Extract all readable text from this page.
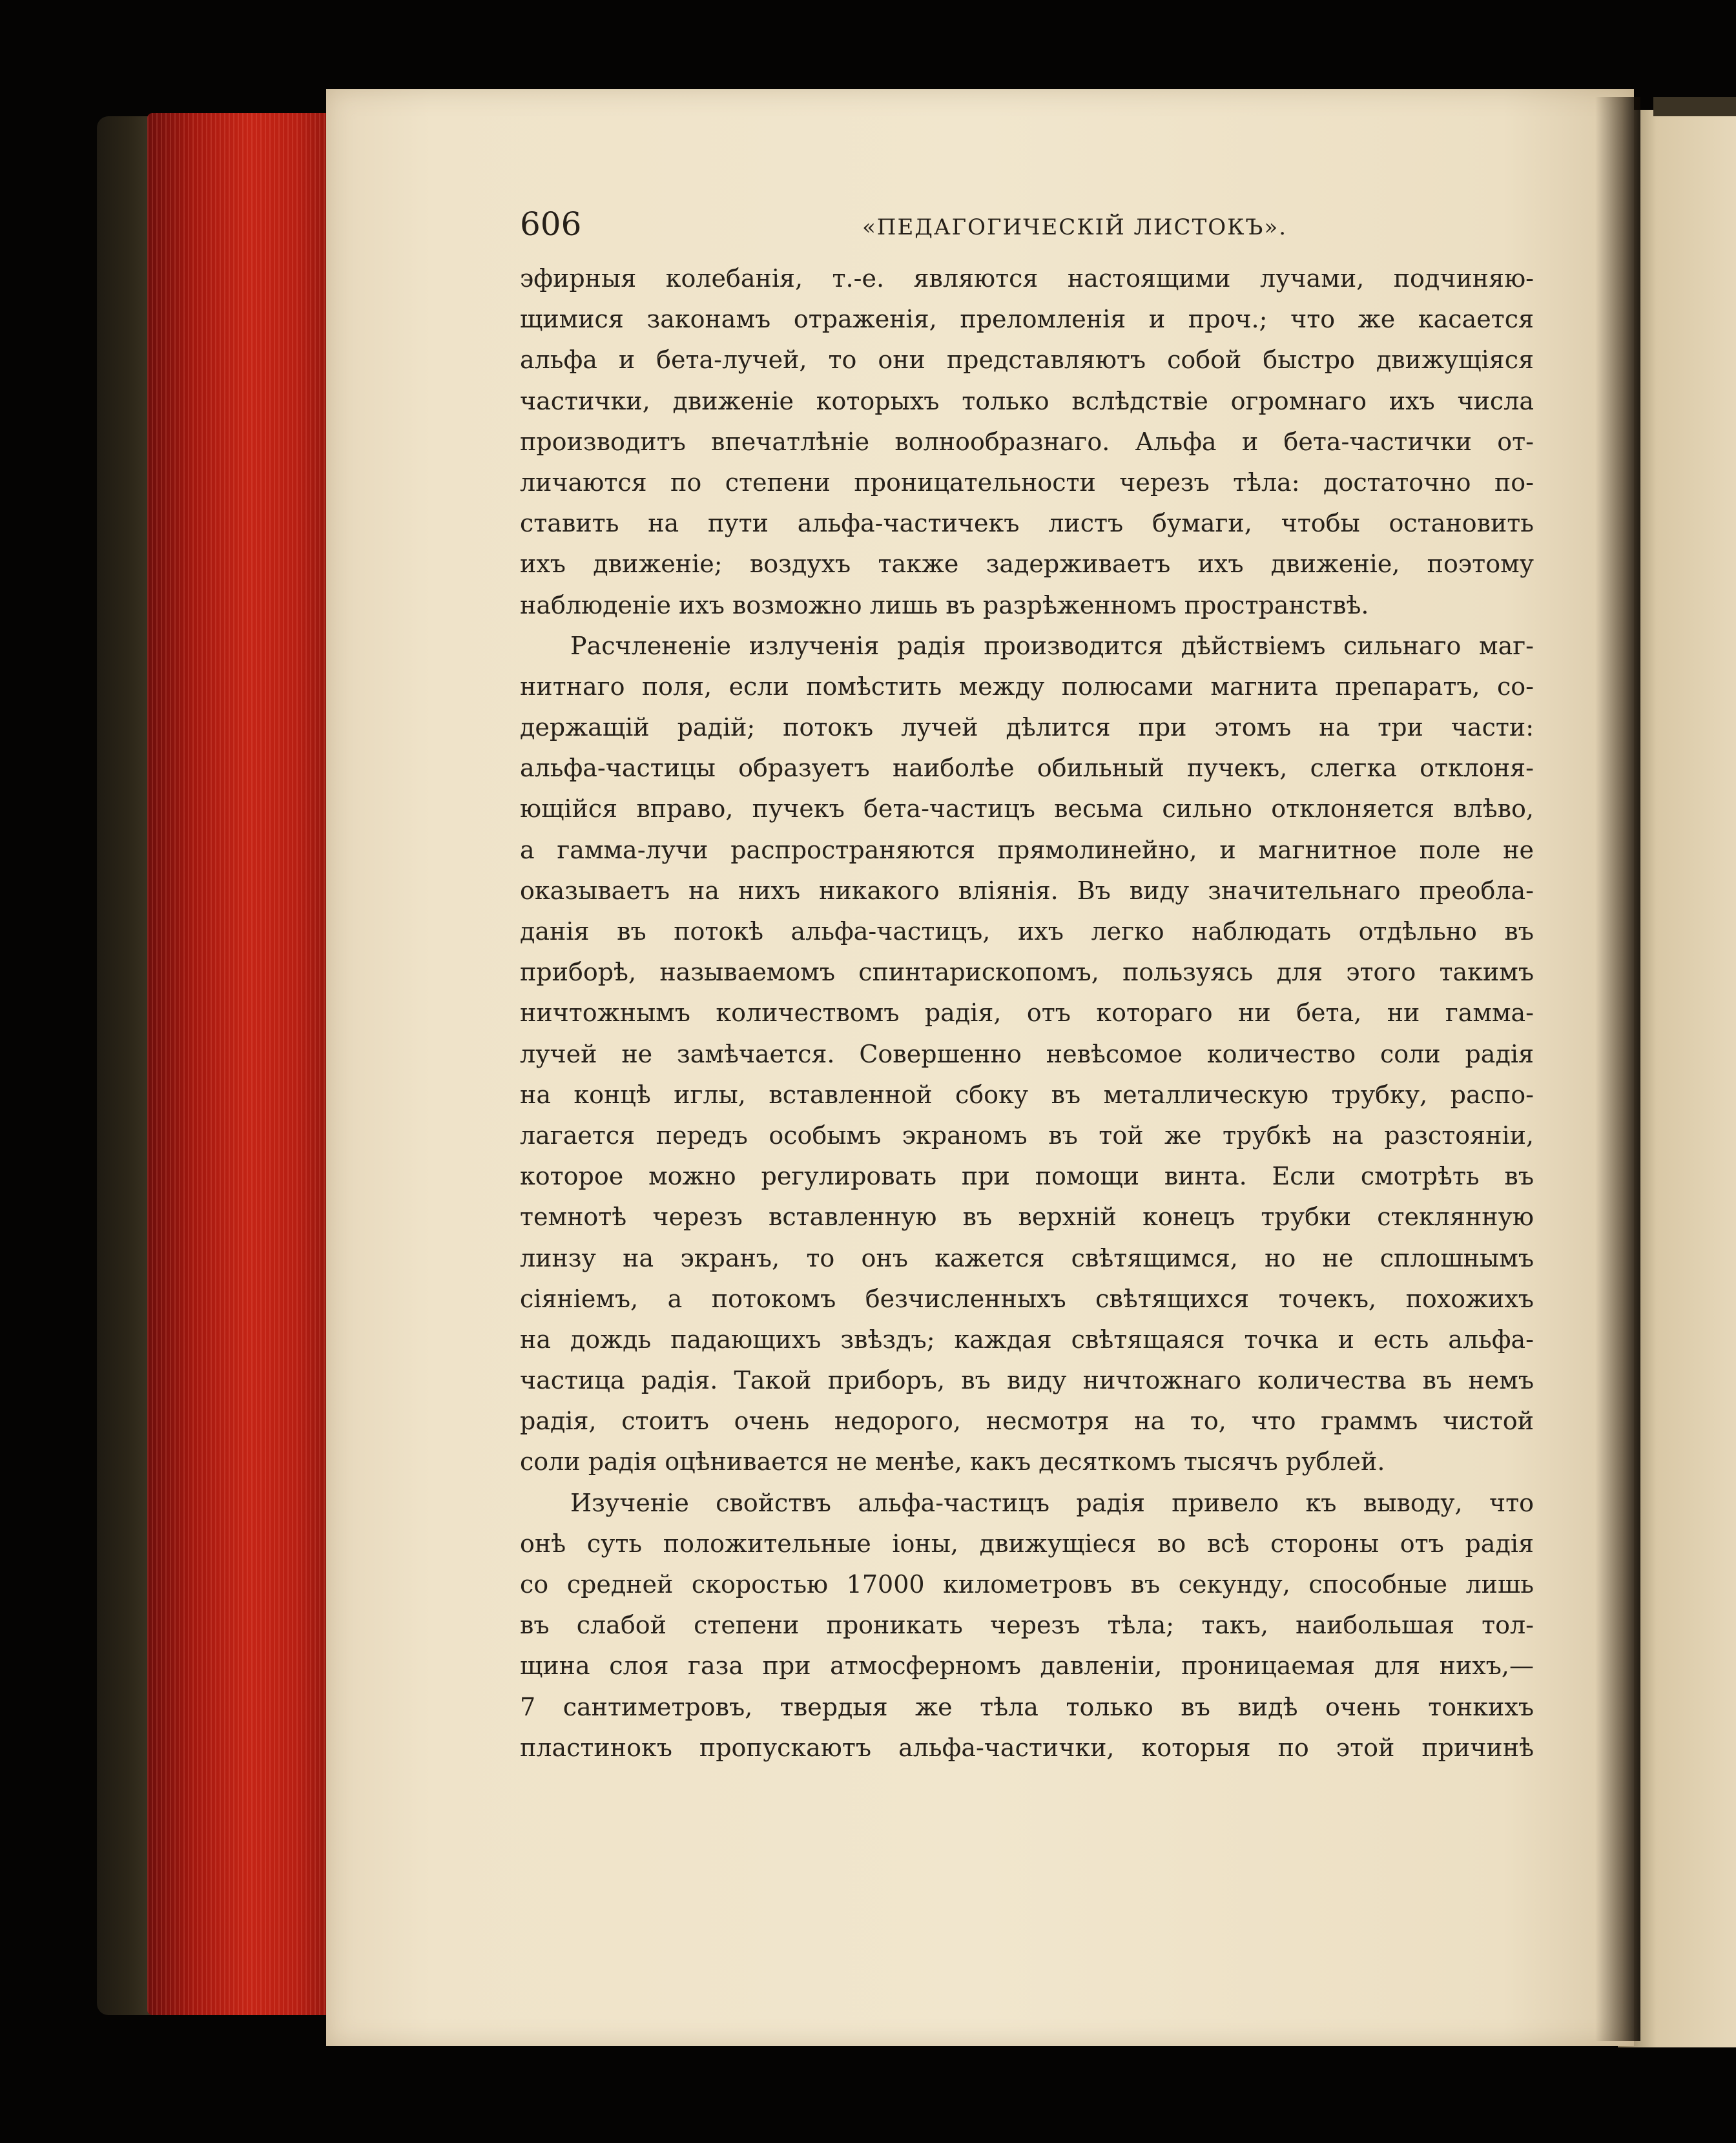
606	«ПЕДАГОГИЧЕСКІЙ ЛИСТОКЪ».
эфирныя колебанія, т.-е. являются настоящими лучами, подчиняю-
щимися законамъ отраженія, преломленія и проч.; что же касается
альфа и бета-лучей, то они представляютъ собой быстро движущіяся
частички, движеніе которыхъ только вслѣдствіе огромнаго ихъ числа
производитъ впечатлѣніе волнообразнаго. Альфа и бета-частички от-
личаются по степени проницательности черезъ тѣла: достаточно по-
ставить на пути альфа-частичекъ листъ бумаги, чтобы остановить
ихъ движеніе; воздухъ также задерживаетъ ихъ движеніе, поэтому
наблюденіе ихъ возможно лишь въ разрѣженномъ пространствѣ.
Расчлененіе излученія радія производится дѣйствіемъ сильнаго маг-
нитнаго поля, если помѣстить между полюсами магнита препаратъ, со-
держащій радій; потокъ лучей дѣлится при этомъ на три части:
альфа-частицы образуетъ наиболѣе обильный пучекъ, слегка отклоня-
ющійся вправо, пучекъ бета-частицъ весьма сильно отклоняется влѣво,
а гамма-лучи распространяются прямолинейно, и магнитное поле не
оказываетъ на нихъ никакого вліянія. Въ виду значительнаго преобла-
данія въ потокѣ альфа-частицъ, ихъ легко наблюдать отдѣльно въ
приборѣ, называемомъ спинтарископомъ, пользуясь для этого такимъ
ничтожнымъ количествомъ радія, отъ котораго ни бета, ни гамма-
лучей не замѣчается. Совершенно невѣсомое количество соли радія
на концѣ иглы, вставленной сбоку въ металлическую трубку, распо-
лагается передъ особымъ экраномъ въ той же трубкѣ на разстояніи,
которое можно регулировать при помощи винта. Если смотрѣть въ
темнотѣ черезъ вставленную въ верхній конецъ трубки стеклянную
линзу на экранъ, то онъ кажется свѣтящимся, но не сплошнымъ
сіяніемъ, а потокомъ безчисленныхъ свѣтящихся точекъ, похожихъ
на дождь падающихъ звѣздъ; каждая свѣтящаяся точка и есть альфа-
частица радія. Такой приборъ, въ виду ничтожнаго количества въ немъ
радія, стоитъ очень недорого, несмотря на то, что граммъ чистой
соли радія оцѣнивается не менѣе, какъ десяткомъ тысячъ рублей.
Изученіе свойствъ альфа-частицъ радія привело къ выводу, что
онѣ суть положительные іоны, движущіеся во всѣ стороны отъ радія
со средней скоростью 17000 километровъ въ секунду, способные лишь
въ слабой степени проникать черезъ тѣла; такъ, наибольшая тол-
щина слоя газа при атмосферномъ давленіи, проницаемая для нихъ,—
7 сантиметровъ, твердыя же тѣла только въ видѣ очень тонкихъ
пластинокъ пропускаютъ альфа-частички, которыя по этой причинѣ
